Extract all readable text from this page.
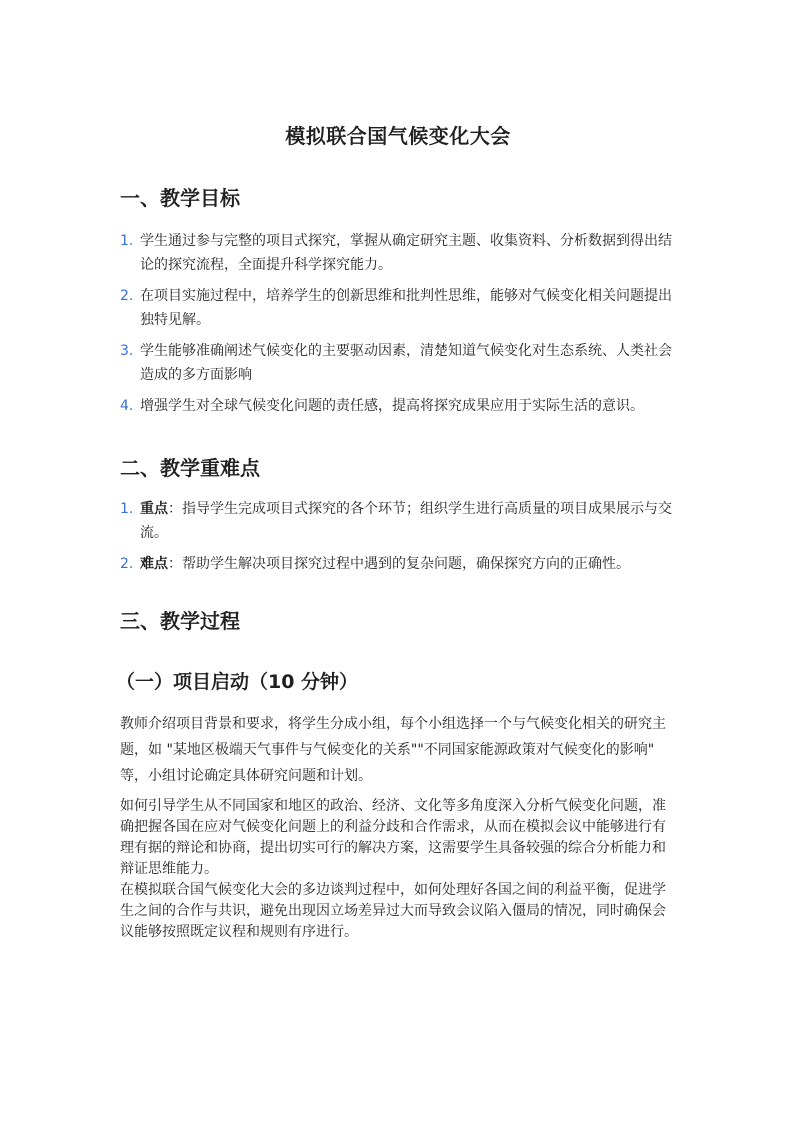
模拟联合国气候变化大会
一、教学目标
1. 学生通过参与完整的项目式探究，掌握从确定研究主题、收集资料、分析数据到得出结论的探究流程，全面提升科学探究能力。
2. 在项目实施过程中，培养学生的创新思维和批判性思维，能够对气候变化相关问题提出独特见解。
3. 学生能够准确阐述气候变化的主要驱动因素，清楚知道气候变化对生态系统、人类社会造成的多方面影响
4. 增强学生对全球气候变化问题的责任感，提高将探究成果应用于实际生活的意识。
二、教学重难点
1. 重点：指导学生完成项目式探究的各个环节；组织学生进行高质量的项目成果展示与交流。
2. 难点：帮助学生解决项目探究过程中遇到的复杂问题，确保探究方向的正确性。
三、教学过程
（一）项目启动（10 分钟）

教师介绍项目背景和要求，将学生分成小组，每个小组选择一个与气候变化相关的研究主题，如 "某地区极端天气事件与气候变化的关系""不同国家能源政策对气候变化的影响" 等，小组讨论确定具体研究问题和计划。

如何引导学生从不同国家和地区的政治、经济、文化等多角度深入分析气候变化问题，准确把握各国在应对气候变化问题上的利益分歧和合作需求，从而在模拟会议中能够进行有理有据的辩论和协商，提出切实可行的解决方案，这需要学生具备较强的综合分析能力和辩证思维能力。
在模拟联合国气候变化大会的多边谈判过程中，如何处理好各国之间的利益平衡，促进学生之间的合作与共识，避免出现因立场差异过大而导致会议陷入僵局的情况，同时确保会议能够按照既定议程和规则有序进行。
